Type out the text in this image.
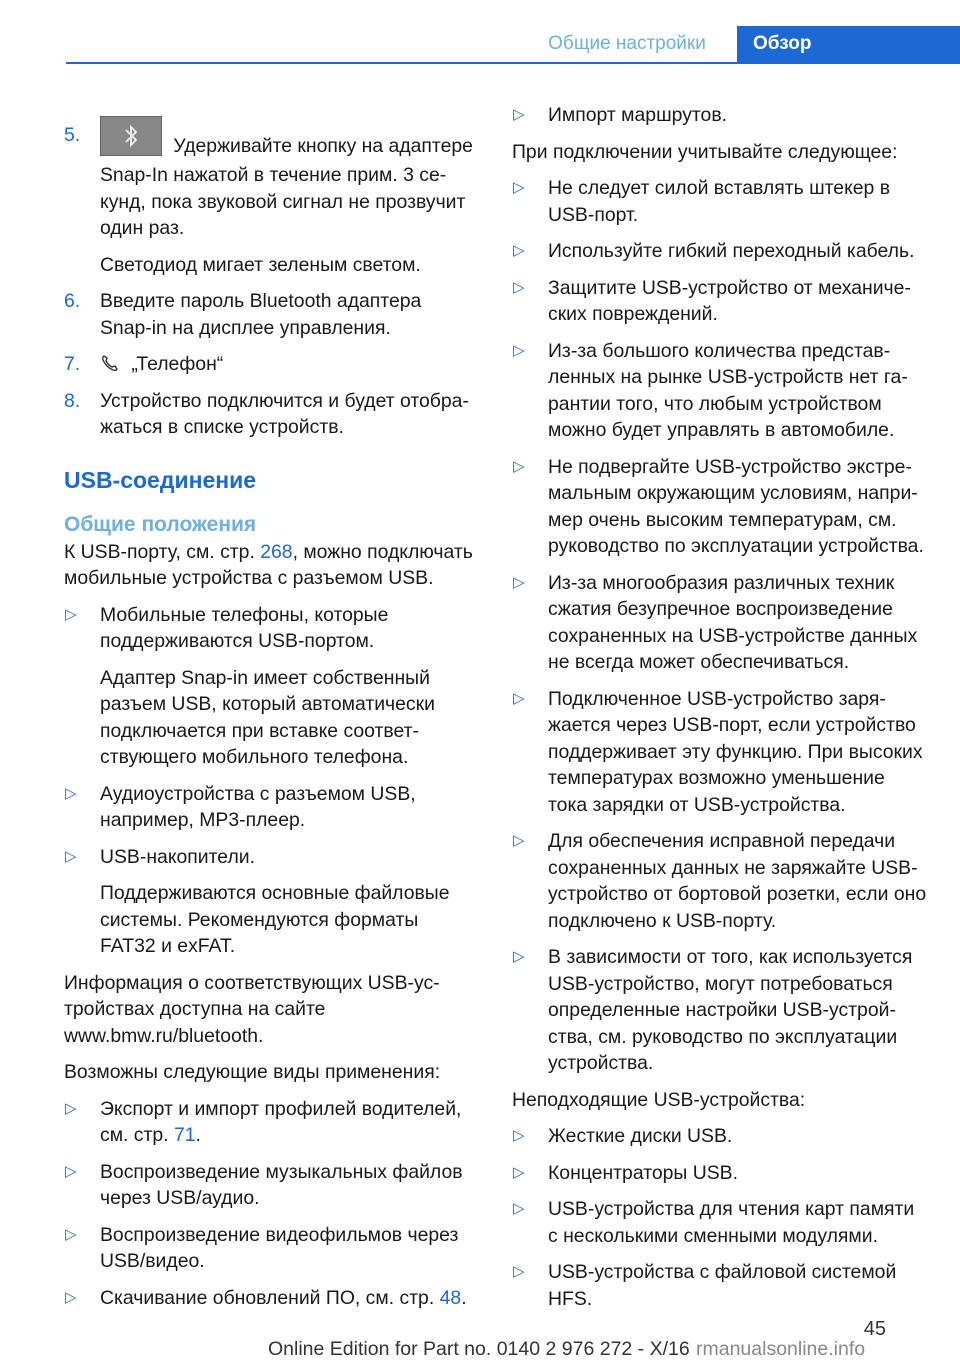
Общие настройки	Обзор
5.	Удерживайте кнопку на адаптере Snap-In нажатой в течение прим. 3 секунд, пока звуковой сигнал не прозвучит один раз.

Светодиод мигает зеленым светом.

6. Введите пароль Bluetooth адаптера Snap-in на дисплее управления.
7.	„Телефон“
8. Устройство подключится и будет отображаться в списке устройств.
USB-соединение
Общие положения

К USB-порту, см. стр. 268, можно подключать мобильные устройства с разъемом USB.

▷ Мобильные телефоны, которые поддерживаются USB-портом.

Адаптер Snap-in имеет собственный разъем USB, который автоматически подключается при вставке соответствующего мобильного телефона.

▷ Аудиоустройства с разъемом USB, например, MP3-плеер.
▷ USB-накопители.

Поддерживаются основные файловые системы. Рекомендуются форматы FAT32 и exFAT.

Информация о соответствующих USB-устройствах доступна на сайте www.bmw.ru/bluetooth.

Возможны следующие виды применения:

▷ Экспорт и импорт профилей водителей, см. стр. 71.
▷ Воспроизведение музыкальных файлов через USB/аудио.
▷ Воспроизведение видеофильмов через USB/видео.
▷ Скачивание обновлений ПО, см. стр. 48.
▷ Импорт маршрутов.

При подключении учитывайте следующее:

▷ Не следует силой вставлять штекер в USB-порт.
▷ Используйте гибкий переходный кабель.
▷ Защитите USB-устройство от механических повреждений.
▷ Из-за большого количества представленных на рынке USB-устройств нет гарантии того, что любым устройством можно будет управлять в автомобиле.
▷ Не подвергайте USB-устройство экстремальным окружающим условиям, например очень высоким температурам, см. руководство по эксплуатации устройства.
▷ Из-за многообразия различных техник сжатия безупречное воспроизведение сохраненных на USB-устройстве данных не всегда может обеспечиваться.
▷ Подключенное USB-устройство заряжается через USB-порт, если устройство поддерживает эту функцию. При высоких температурах возможно уменьшение тока зарядки от USB-устройства.
▷ Для обеспечения исправной передачи сохраненных данных не заряжайте USB-устройство от бортовой розетки, если оно подключено к USB-порту.
▷ В зависимости от того, как используется USB-устройство, могут потребоваться определенные настройки USB-устройства, см. руководство по эксплуатации устройства.

Неподходящие USB-устройства:

▷ Жесткие диски USB.
▷ Концентраторы USB.
▷ USB-устройства для чтения карт памяти с несколькими сменными модулями.
▷ USB-устройства с файловой системой HFS.
45
Online Edition for Part no. 0140 2 976 272 - X/16 rmanualsonline.info
